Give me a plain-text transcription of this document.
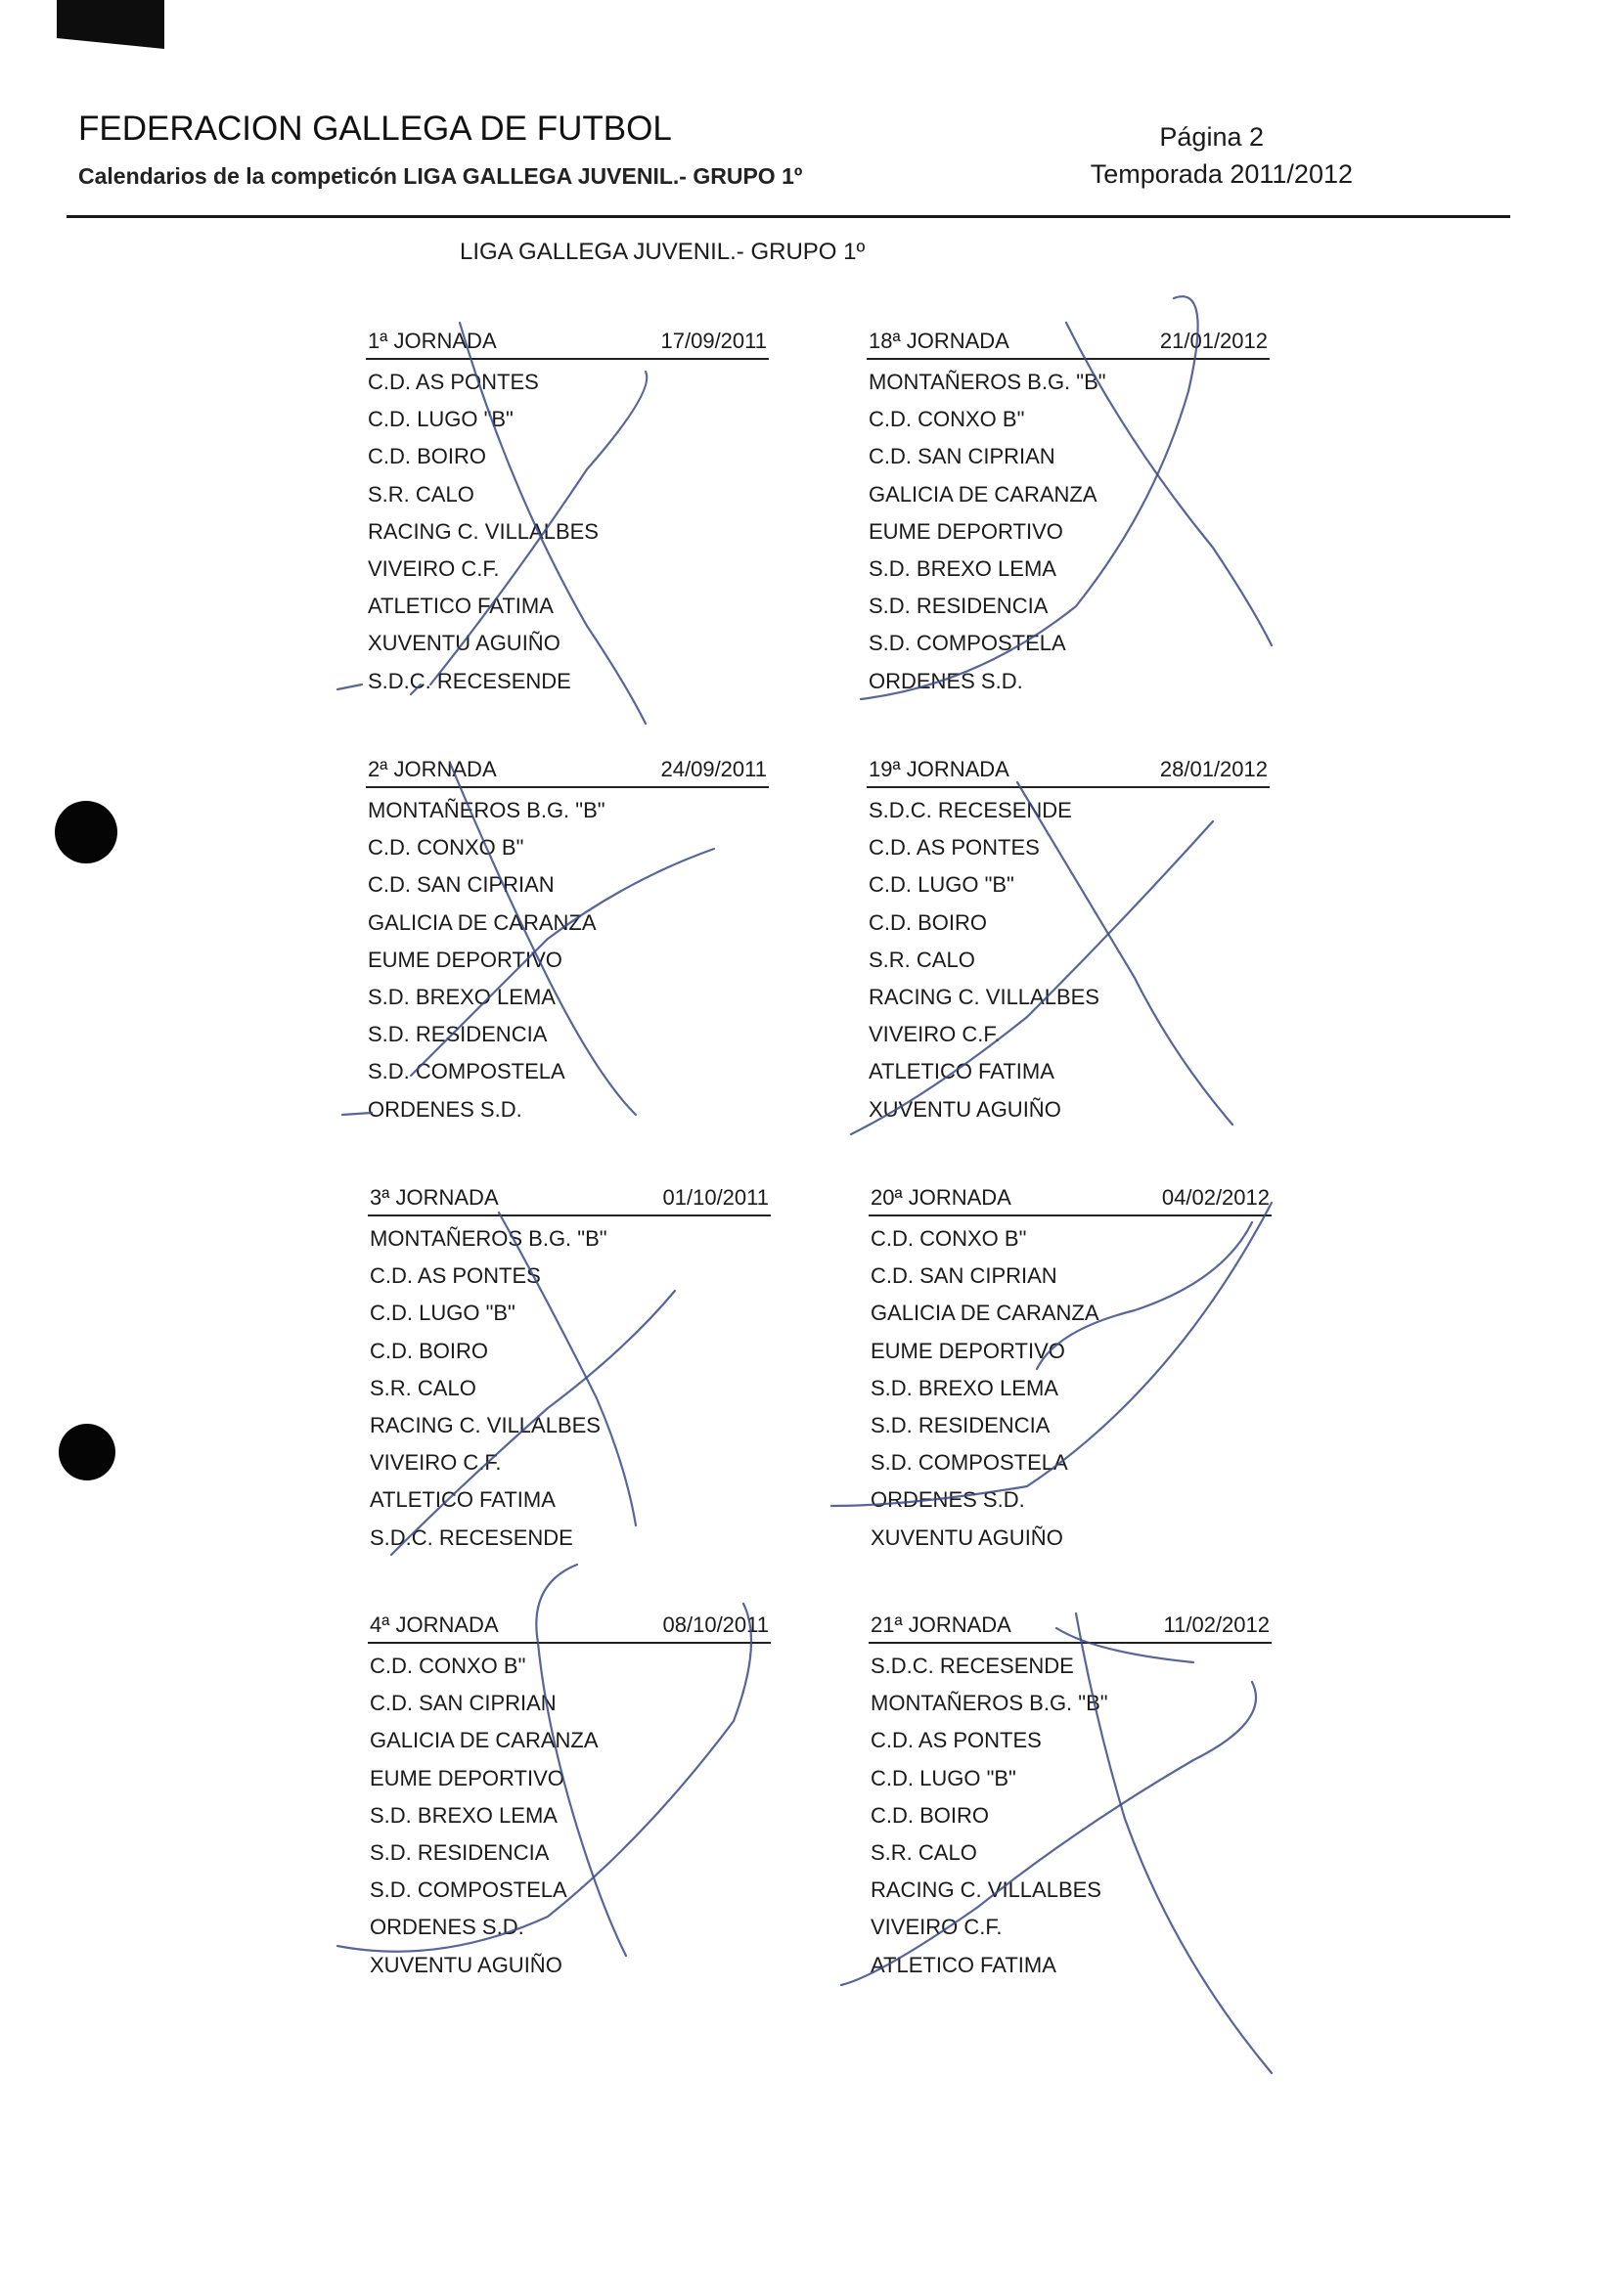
FEDERACION GALLEGA DE FUTBOL
Calendarios de la competicón LIGA GALLEGA JUVENIL.- GRUPO 1º
Página 2
Temporada 2011/2012
LIGA GALLEGA JUVENIL.- GRUPO 1º
1ª JORNADA	17/09/2011
C.D. AS PONTES
C.D. LUGO "B"
C.D. BOIRO
S.R. CALO
RACING C. VILLALBES
VIVEIRO C.F.
ATLETICO FATIMA
XUVENTU AGUIÑO
S.D.C. RECESENDE
18ª JORNADA	21/01/2012
MONTAÑEROS B.G. "B"
C.D. CONXO B"
C.D. SAN CIPRIAN
GALICIA DE CARANZA
EUME DEPORTIVO
S.D. BREXO LEMA
S.D. RESIDENCIA
S.D. COMPOSTELA
ORDENES S.D.
2ª JORNADA	24/09/2011
MONTAÑEROS B.G. "B"
C.D. CONXO B"
C.D. SAN CIPRIAN
GALICIA DE CARANZA
EUME DEPORTIVO
S.D. BREXO LEMA
S.D. RESIDENCIA
S.D. COMPOSTELA
ORDENES S.D.
19ª JORNADA	28/01/2012
S.D.C. RECESENDE
C.D. AS PONTES
C.D. LUGO "B"
C.D. BOIRO
S.R. CALO
RACING C. VILLALBES
VIVEIRO C.F.
ATLETICO FATIMA
XUVENTU AGUIÑO
3ª JORNADA	01/10/2011
MONTAÑEROS B.G. "B"
C.D. AS PONTES
C.D. LUGO "B"
C.D. BOIRO
S.R. CALO
RACING C. VILLALBES
VIVEIRO C.F.
ATLETICO FATIMA
S.D.C. RECESENDE
20ª JORNADA	04/02/2012
C.D. CONXO B"
C.D. SAN CIPRIAN
GALICIA DE CARANZA
EUME DEPORTIVO
S.D. BREXO LEMA
S.D. RESIDENCIA
S.D. COMPOSTELA
ORDENES S.D.
XUVENTU AGUIÑO
4ª JORNADA	08/10/2011
C.D. CONXO B"
C.D. SAN CIPRIAN
GALICIA DE CARANZA
EUME DEPORTIVO
S.D. BREXO LEMA
S.D. RESIDENCIA
S.D. COMPOSTELA
ORDENES S.D.
XUVENTU AGUIÑO
21ª JORNADA	11/02/2012
S.D.C. RECESENDE
MONTAÑEROS B.G. "B"
C.D. AS PONTES
C.D. LUGO "B"
C.D. BOIRO
S.R. CALO
RACING C. VILLALBES
VIVEIRO C.F.
ATLETICO FATIMA
